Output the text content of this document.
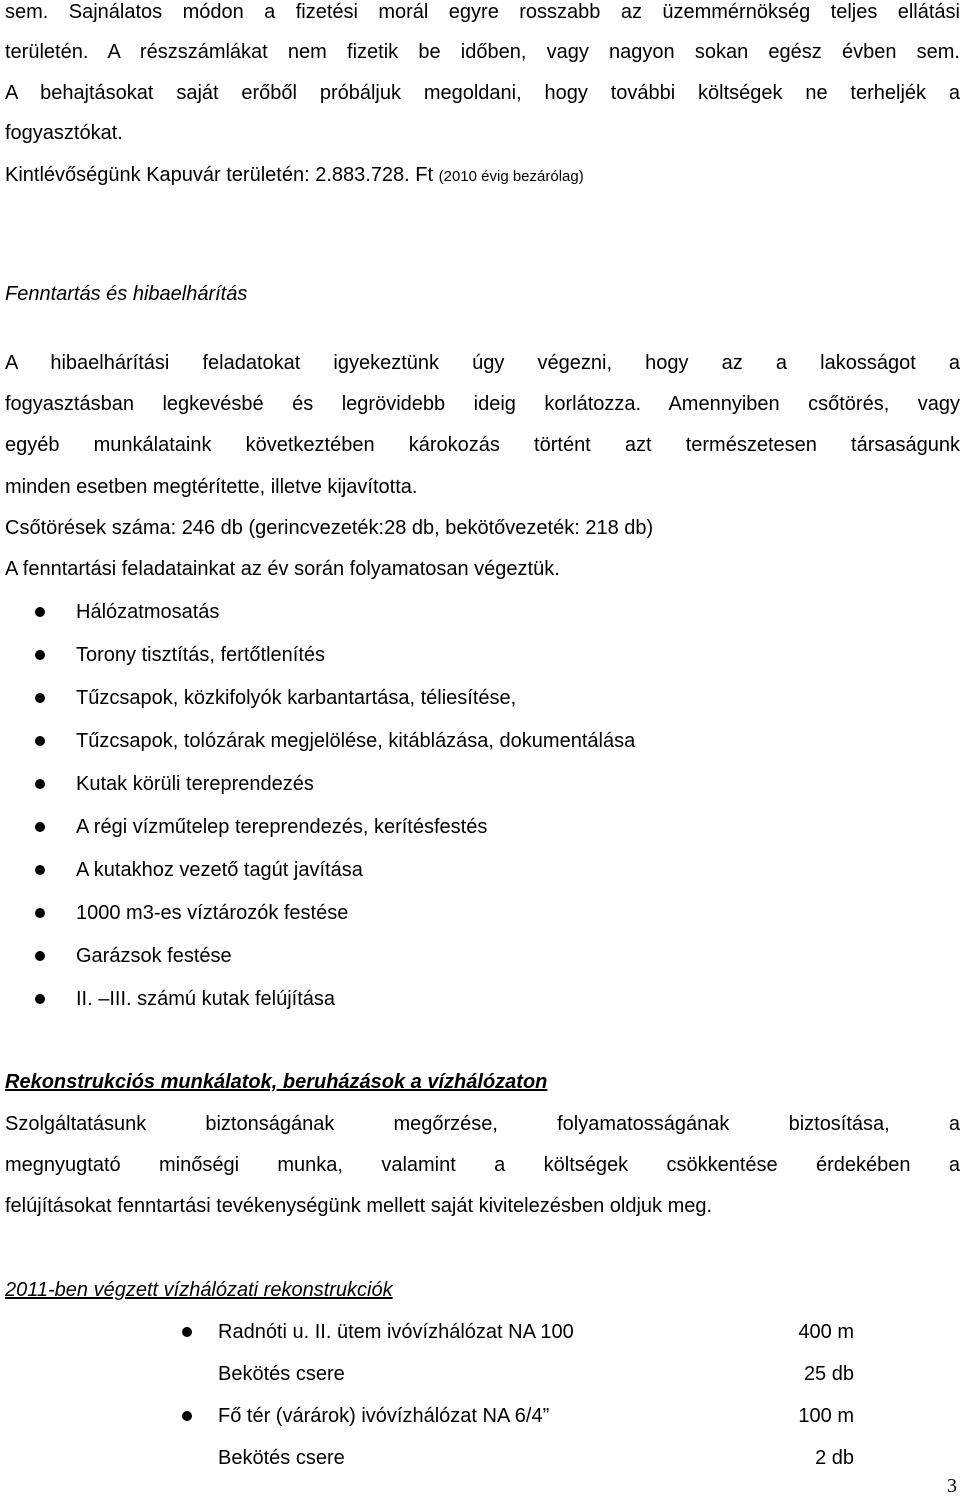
sem. Sajnálatos módon a fizetési morál egyre rosszabb az üzemmérnökség teljes ellátási
területén. A részszámlákat nem fizetik be időben, vagy nagyon sokan egész évben sem.
A behajtásokat saját erőből próbáljuk megoldani, hogy további költségek ne terheljék a
fogyasztókat.
Kintlévőségünk Kapuvár területén: 2.883.728. Ft (2010 évig bezárólag)
Fenntartás és hibaelhárítás
A hibaelhárítási feladatokat igyekeztünk úgy végezni, hogy az a lakosságot a
fogyasztásban legkevésbé és legrövidebb ideig korlátozza. Amennyiben csőtörés, vagy
egyéb munkálataink következtében károkozás történt azt természetesen társaságunk
minden esetben megtérítette, illetve kijavította.
Csőtörések száma: 246 db (gerincvezeték:28 db, bekötővezeték: 218 db)
A fenntartási feladatainkat az év során folyamatosan végeztük.
Hálózatmosatás
Torony tisztítás, fertőtlenítés
Tűzcsapok, közkifolyók karbantartása, téliesítése,
Tűzcsapok, tolózárak megjelölése, kitáblázása, dokumentálása
Kutak körüli tereprendezés
A régi vízműtelep tereprendezés, kerítésfestés
A kutakhoz vezető tagút javítása
1000 m3-es víztározók festése
Garázsok festése
II. –III. számú kutak felújítása
Rekonstrukciós munkálatok, beruházások a vízhálózaton
Szolgáltatásunk biztonságának megőrzése, folyamatosságának biztosítása, a
megnyugtató minőségi munka, valamint a költségek csökkentése érdekében a
felújításokat fenntartási tevékenységünk mellett saját kivitelezésben oldjuk meg.
2011-ben végzett vízhálózati rekonstrukciók
Radnóti u. II. ütem ivóvízhálózat NA 100	400 m
Bekötés csere	25 db
Fő tér (várárok) ivóvízhálózat NA 6/4”	100 m
Bekötés csere	2 db
3
